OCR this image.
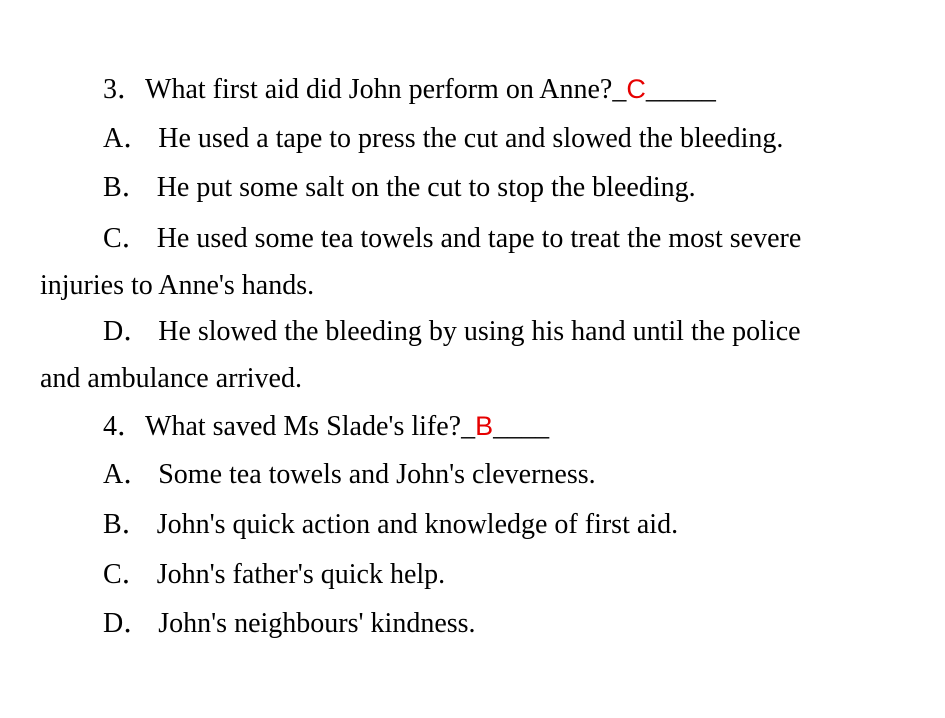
3．What first aid did John perform on Anne?_C_____
A． He used a tape to press the cut and slowed the bleeding.
B． He put some salt on the cut to stop the bleeding.
C． He used some tea towels and tape to treat the most severe
injuries to Anne's hands.
D． He slowed the bleeding by using his hand until the police
and ambulance arrived.
4．What saved Ms Slade's life?_B____
A． Some tea towels and John's cleverness.
B． John's quick action and knowledge of first aid.
C． John's father's quick help.
D． John's neighbours' kindness.
